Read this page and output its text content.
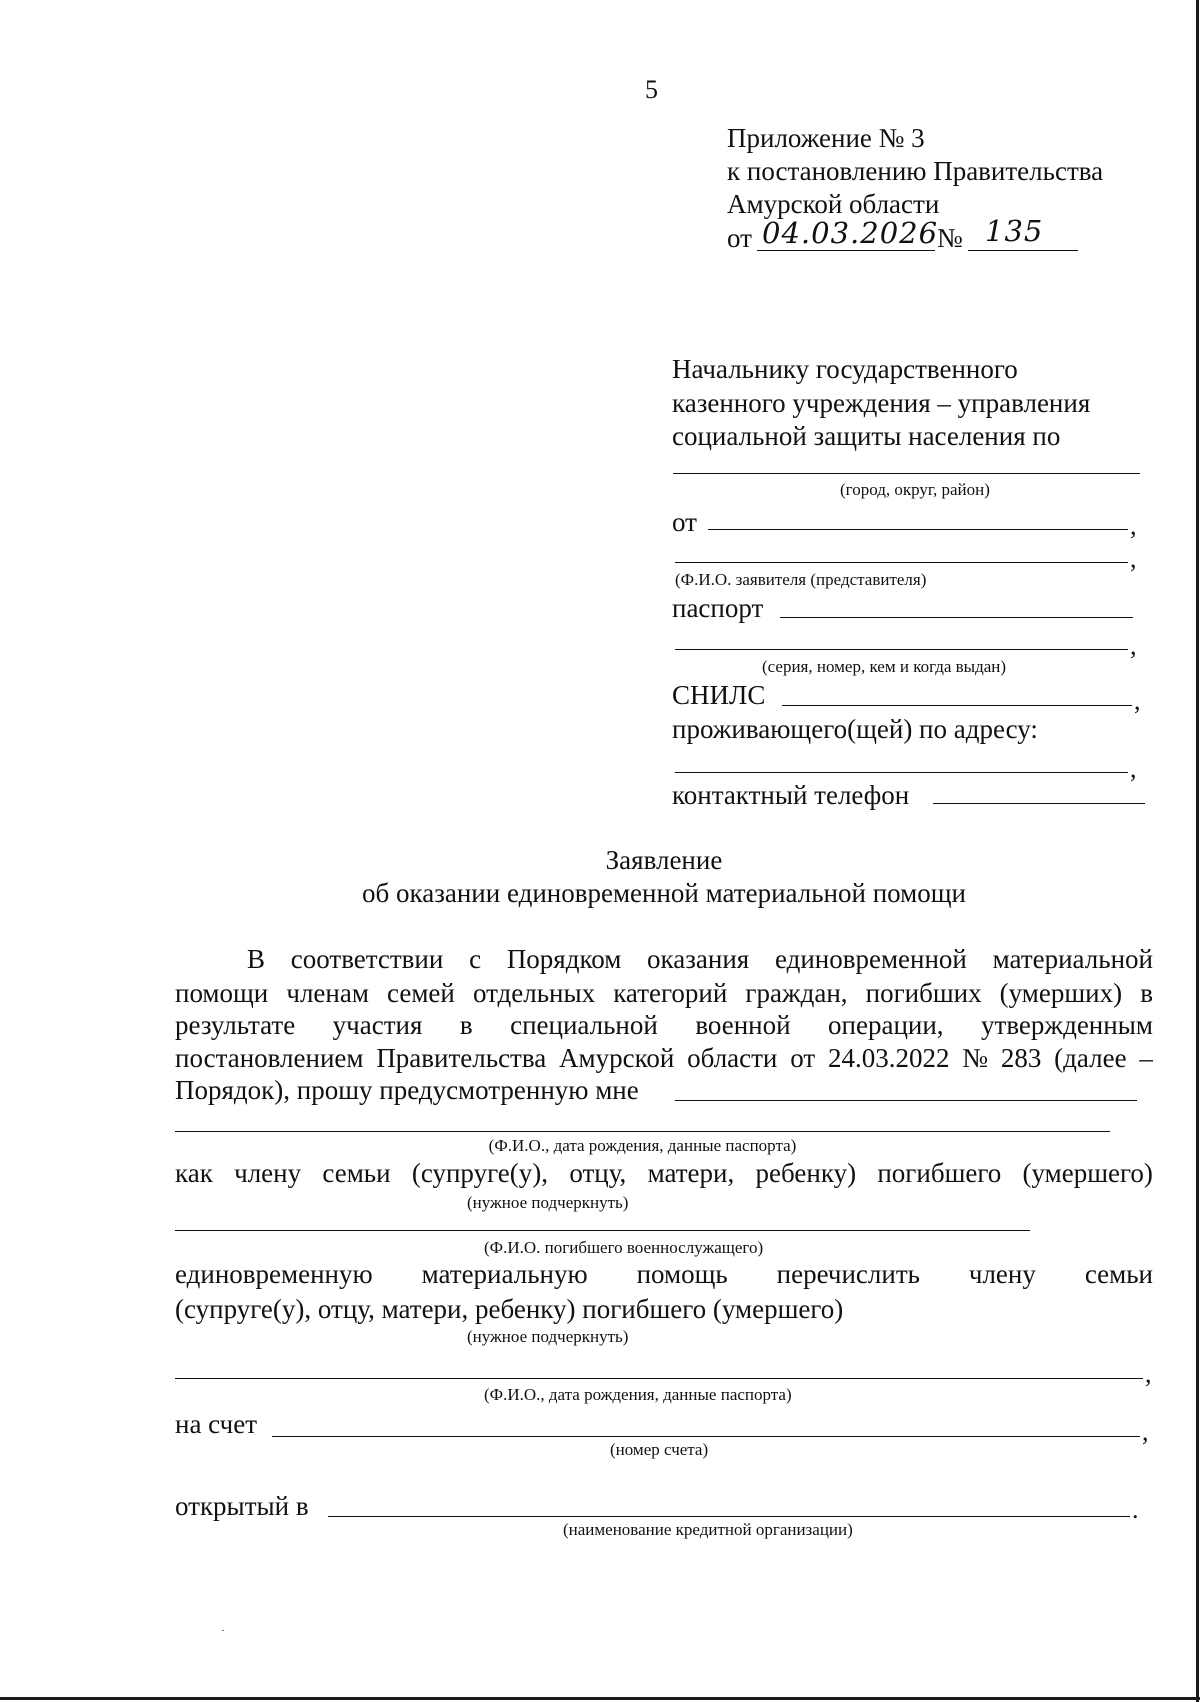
5
Приложение № 3
к постановлению Правительства
Амурской области
от 04.03.2026
№ 135
Начальнику государственного
казенного учреждения – управления
социальной защиты населения по
(город, округ, район)
от	,
,
(Ф.И.О. заявителя (представителя)
паспорт
,
(серия, номер, кем и когда выдан)
СНИЛС	,
проживающего(щей) по адресу:
,
контактный телефон
Заявление
об оказании единовременной материальной помощи
В соответствии с Порядком оказания единовременной материальной
помощи членам семей отдельных категорий граждан, погибших (умерших) в
результате участия в специальной военной операции, утвержденным
постановлением Правительства Амурской области от 24.03.2022 № 283 (далее –
Порядок), прошу предусмотренную мне
(Ф.И.О., дата рождения, данные паспорта)
как члену семьи (супруге(у), отцу, матери, ребенку) погибшего (умершего)
(нужное подчеркнуть)
(Ф.И.О. погибшего военнослужащего)
единовременную материальную помощь перечислить члену семьи
(супруге(у), отцу, матери, ребенку) погибшего (умершего)
(нужное подчеркнуть)
,
(Ф.И.О., дата рождения, данные паспорта)
на счет	,
(номер счета)
открытый в	.
(наименование кредитной организации)
